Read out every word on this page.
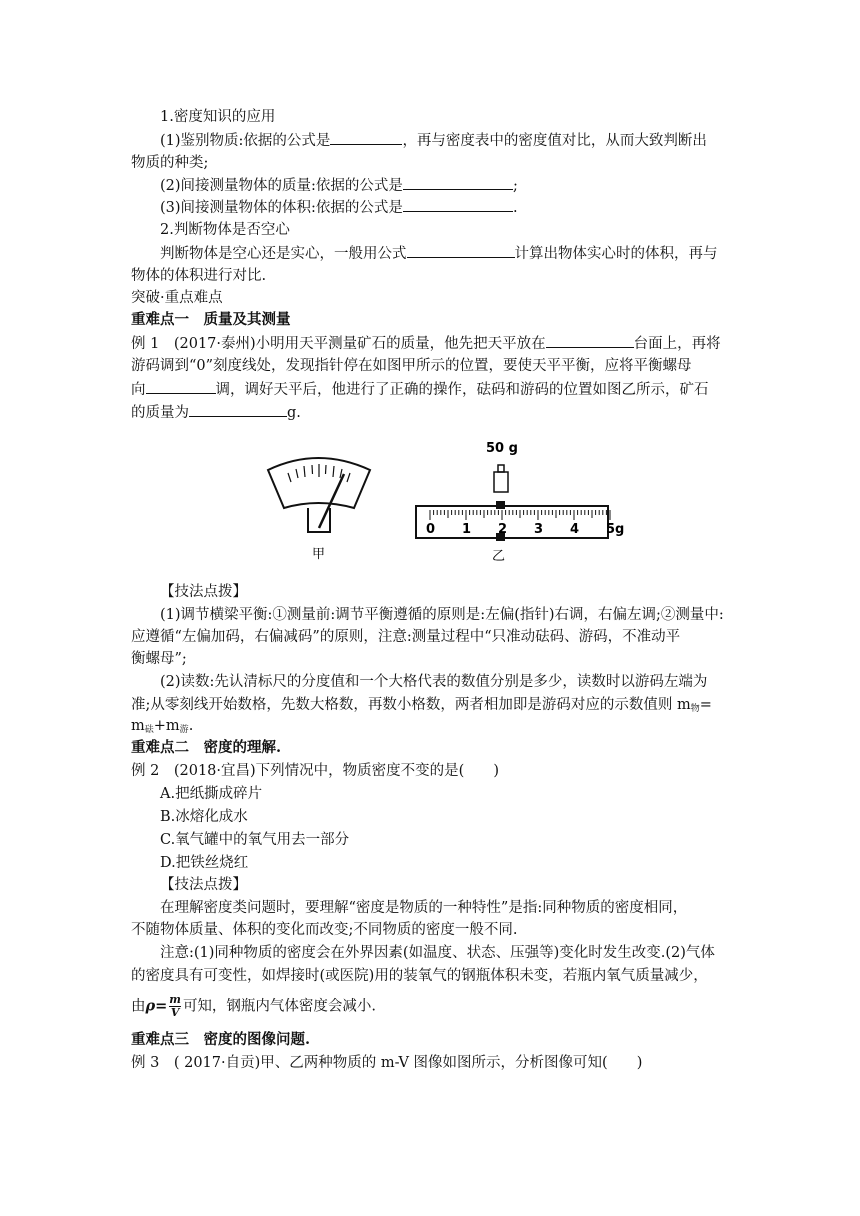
1.密度知识的应用
(1)鉴别物质:依据的公式是	，再与密度表中的密度值对比，从而大致判断出
物质的种类;
(2)间接测量物体的质量:依据的公式是	;
(3)间接测量物体的体积:依据的公式是	.
2.判断物体是否空心
判断物体是空心还是实心，一般用公式	计算出物体实心时的体积，再与
物体的体积进行对比.
突破·重点难点
重难点一　质量及其测量
例 1　(2017·泰州)小明用天平测量矿石的质量，他先把天平放在	台面上，再将
游码调到“0”刻度线处，发现指针停在如图甲所示的位置，要使天平平衡，应将平衡螺母
向	调，调好天平后，他进行了正确的操作，砝码和游码的位置如图乙所示，矿石
的质量为	g.
甲
50 g
0 1 2 3 4 5g
乙
【技法点拨】
(1)调节横梁平衡:①测量前:调节平衡遵循的原则是:左偏(指针)右调，右偏左调;②测量中:
应遵循“左偏加码，右偏减码”的原则，注意:测量过程中“只准动砝码、游码，不准动平
衡螺母”;
(2)读数:先认清标尺的分度值和一个大格代表的数值分别是多少，读数时以游码左端为
准;从零刻线开始数格，先数大格数，再数小格数，两者相加即是游码对应的示数值则 $m_物=$
$m_砝+m_游$.
重难点二　密度的理解.
例 2　(2018·宜昌)下列情况中，物质密度不变的是(　　)
A.把纸撕成碎片
B.冰熔化成水
C.氧气罐中的氧气用去一部分
D.把铁丝烧红
【技法点拨】
在理解密度类问题时，要理解“密度是物质的一种特性”是指:同种物质的密度相同，
不随物体质量、体积的变化而改变;不同物质的密度一般不同.
注意:(1)同种物质的密度会在外界因素(如温度、状态、压强等)变化时发生改变.(2)气体
的密度具有可变性，如焊接时(或医院)用的装氧气的钢瓶体积未变，若瓶内氧气质量减少，
由$\rho= \frac{m}{V}$ 可知，钢瓶内气体密度会减小.
重难点三　密度的图像问题.
例 3　( 2017·自贡)甲、乙两种物质的 m-V 图像如图所示，分析图像可知(　　)
